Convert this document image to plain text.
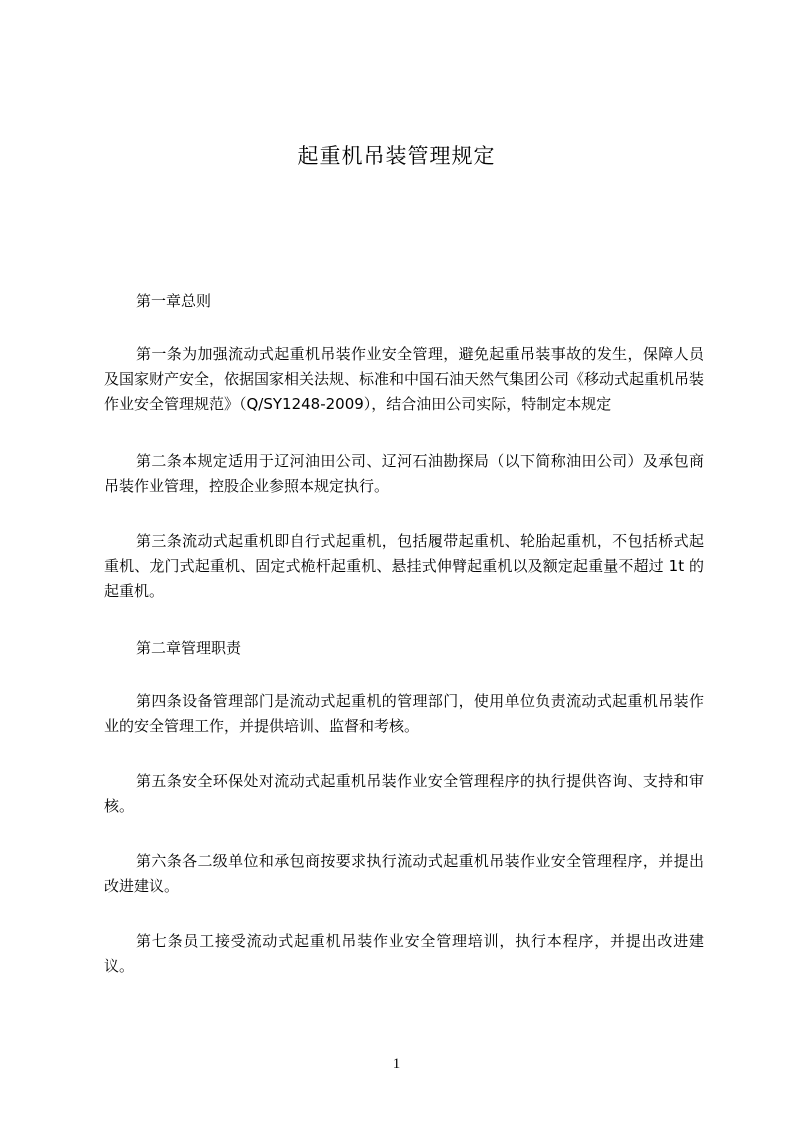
起重机吊装管理规定
第一章总则
第一条为加强流动式起重机吊装作业安全管理，避免起重吊装事故的发生，保障人员及国家财产安全，依据国家相关法规、标准和中国石油天然气集团公司《移动式起重机吊装作业安全管理规范》（Q/SY1248-2009），结合油田公司实际，特制定本规定
第二条本规定适用于辽河油田公司、辽河石油勘探局（以下简称油田公司）及承包商吊装作业管理，控股企业参照本规定执行。
第三条流动式起重机即自行式起重机，包括履带起重机、轮胎起重机，不包括桥式起重机、龙门式起重机、固定式桅杆起重机、悬挂式伸臂起重机以及额定起重量不超过 1t 的起重机。
第二章管理职责
第四条设备管理部门是流动式起重机的管理部门，使用单位负责流动式起重机吊装作业的安全管理工作，并提供培训、监督和考核。
第五条安全环保处对流动式起重机吊装作业安全管理程序的执行提供咨询、支持和审核。
第六条各二级单位和承包商按要求执行流动式起重机吊装作业安全管理程序，并提出改进建议。
第七条员工接受流动式起重机吊装作业安全管理培训，执行本程序，并提出改进建议。
1
